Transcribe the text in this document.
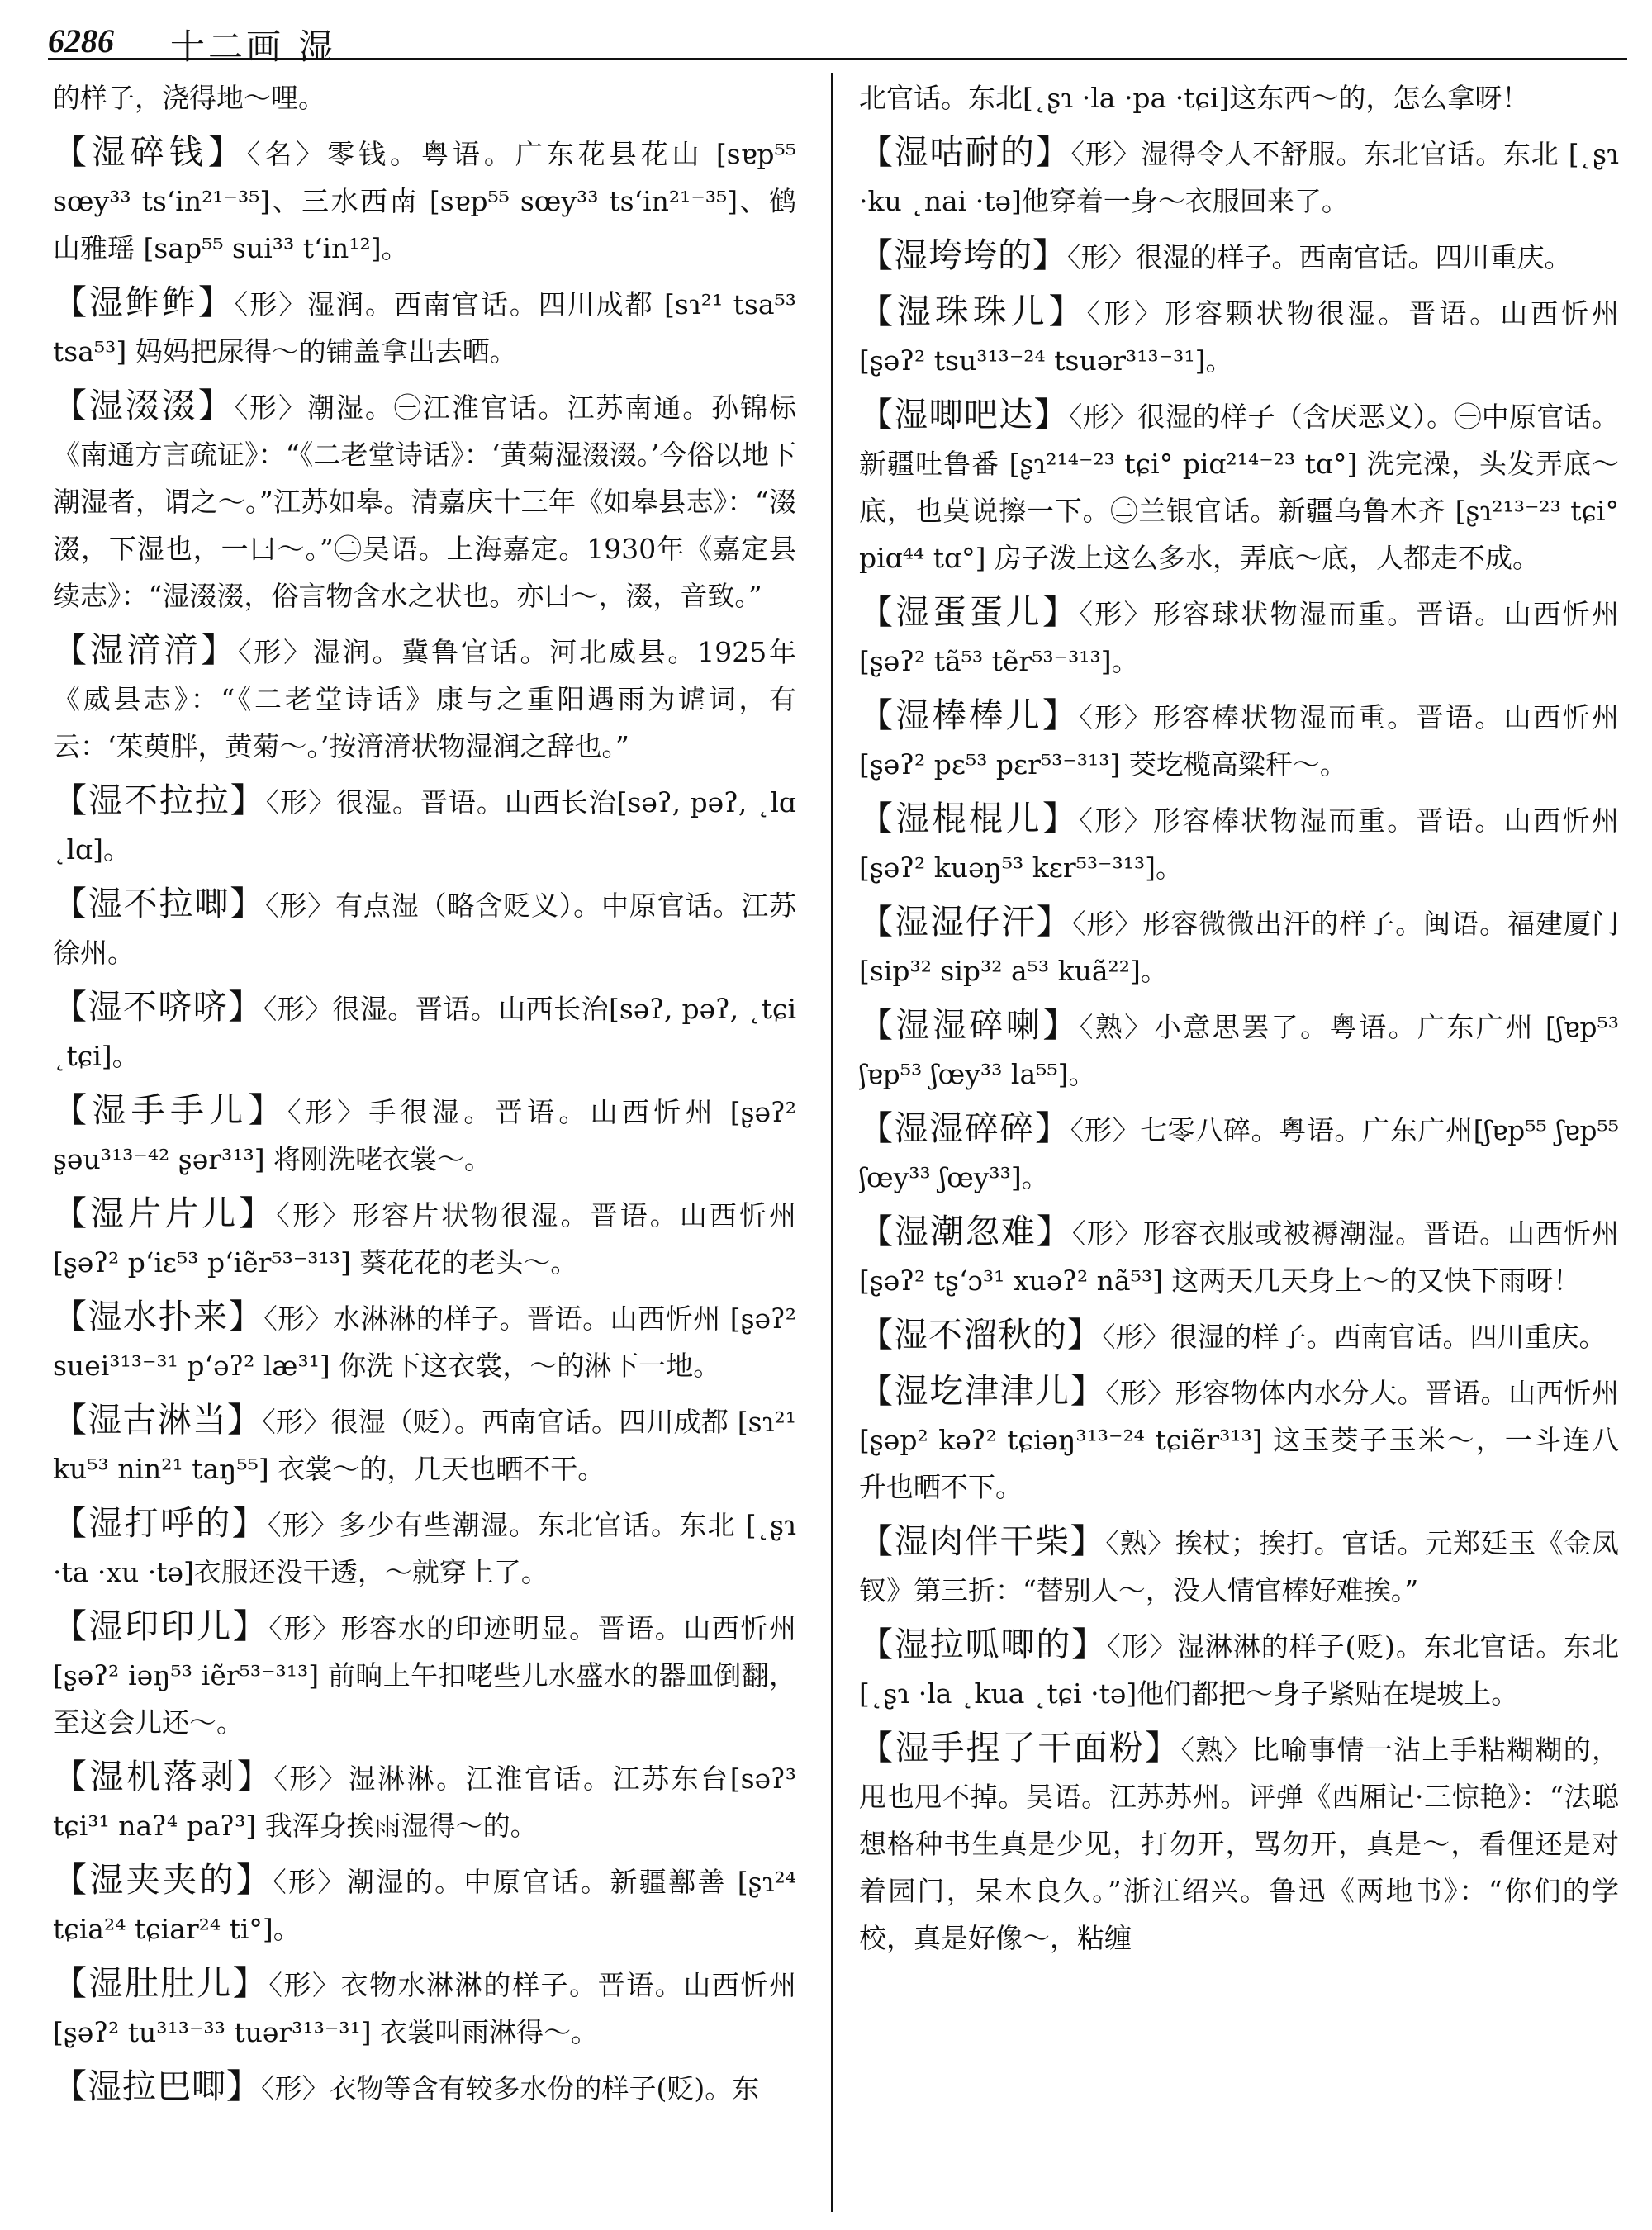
6286 十二画 湿

的样子，浇得地～哩。

【湿碎钱】〈名〉零钱。粤语。广东花县花山 [sɐp⁵⁵ sœy³³ tsʻin²¹⁻³⁵]、三水西南 [sɐp⁵⁵ sœy³³ tsʻin²¹⁻³⁵]、鹤山雅瑶 [sap⁵⁵ sui³³ tʻin¹²]。

【湿鲊鲊】〈形〉湿润。西南官话。四川成都 [sɿ²¹ tsa⁵³ tsa⁵³] 妈妈把尿得～的铺盖拿出去晒。

【湿涰涰】〈形〉潮湿。㊀江淮官话。江苏南通。孙锦标《南通方言疏证》：“《二老堂诗话》：‘黄菊湿涰涰。’今俗以地下潮湿者，谓之～。”江苏如皋。清嘉庆十三年《如皋县志》：“涰涰，下湿也，一曰～。”㊁吴语。上海嘉定。1930年《嘉定县续志》：“湿涰涰，俗言物含水之状也。亦曰～，涰，音致。”

【湿湇湇】〈形〉湿润。冀鲁官话。河北威县。1925年《威县志》：“《二老堂诗话》康与之重阳遇雨为谑词，有云：‘茱萸胖，黄菊～。’按湇湇状物湿润之辞也。”

【湿不拉拉】〈形〉很湿。晋语。山西长治[səʔ, pəʔ, ˛lɑ ˛lɑ]。

【湿不拉唧】〈形〉有点湿（略含贬义）。中原官话。江苏徐州。

【湿不哜哜】〈形〉很湿。晋语。山西长治[səʔ, pəʔ, ˛tɕi ˛tɕi]。

【湿手手儿】〈形〉手很湿。晋语。山西忻州 [ʂəʔ² ʂəu³¹³⁻⁴² ʂər³¹³] 将刚洗咾衣裳～。

【湿片片儿】〈形〉形容片状物很湿。晋语。山西忻州 [ʂəʔ² pʻiɛ⁵³ pʻiẽr⁵³⁻³¹³] 葵花花的老头～。

【湿水扑来】〈形〉水淋淋的样子。晋语。山西忻州 [ʂəʔ² suei³¹³⁻³¹ pʻəʔ² læ³¹] 你洗下这衣裳，～的淋下一地。

【湿古淋当】〈形〉很湿（贬）。西南官话。四川成都 [sɿ²¹ ku⁵³ nin²¹ taŋ⁵⁵] 衣裳～的，几天也晒不干。

【湿打呼的】〈形〉多少有些潮湿。东北官话。东北 [˛ʂɿ ·ta ·xu ·tə]衣服还没干透，～就穿上了。

【湿印印儿】〈形〉形容水的印迹明显。晋语。山西忻州 [ʂəʔ² iəŋ⁵³ iẽr⁵³⁻³¹³] 前晌上午扣咾些儿水盛水的器皿倒翻，至这会儿还～。

【湿机落剥】〈形〉湿淋淋。江淮官话。江苏东台[səʔ³ tɕi³¹ naʔ⁴ paʔ³] 我浑身挨雨湿得～的。

【湿夹夹的】〈形〉潮湿的。中原官话。新疆鄯善 [ʂɿ²⁴ tɕia²⁴ tɕiar²⁴ ti°]。

【湿肚肚儿】〈形〉衣物水淋淋的样子。晋语。山西忻州 [ʂəʔ² tu³¹³⁻³³ tuər³¹³⁻³¹] 衣裳叫雨淋得～。

【湿拉巴唧】〈形〉衣物等含有较多水份的样子(贬)。东

北官话。东北[˛ʂɿ ·la ·pa ·tɕi]这东西～的，怎么拿呀！

【湿咕耐的】〈形〉湿得令人不舒服。东北官话。东北 [˛ʂɿ ·ku ˛nai ·tə]他穿着一身～衣服回来了。

【湿垮垮的】〈形〉很湿的样子。西南官话。四川重庆。

【湿珠珠儿】〈形〉形容颗状物很湿。晋语。山西忻州 [ʂəʔ² tsu³¹³⁻²⁴ tsuər³¹³⁻³¹]。

【湿唧吧达】〈形〉很湿的样子（含厌恶义）。㊀中原官话。新疆吐鲁番 [ʂɿ²¹⁴⁻²³ tɕi° piɑ²¹⁴⁻²³ tɑ°] 洗完澡，头发弄底～底，也莫说擦一下。㊁兰银官话。新疆乌鲁木齐 [ʂɿ²¹³⁻²³ tɕi° piɑ⁴⁴ tɑ°] 房子泼上这么多水，弄底～底，人都走不成。

【湿蛋蛋儿】〈形〉形容球状物湿而重。晋语。山西忻州 [ʂəʔ² tã⁵³ tẽr⁵³⁻³¹³]。

【湿棒棒儿】〈形〉形容棒状物湿而重。晋语。山西忻州 [ʂəʔ² pɛ⁵³ pɛr⁵³⁻³¹³] 茭圪榄高粱秆～。

【湿棍棍儿】〈形〉形容棒状物湿而重。晋语。山西忻州 [ʂəʔ² kuəŋ⁵³ kɛr⁵³⁻³¹³]。

【湿湿仔汗】〈形〉形容微微出汗的样子。闽语。福建厦门 [sip³² sip³² a⁵³ kuã²²]。

【湿湿碎喇】〈熟〉小意思罢了。粤语。广东广州 [ʃɐp⁵³ ʃɐp⁵³ ʃœy³³ la⁵⁵]。

【湿湿碎碎】〈形〉七零八碎。粤语。广东广州[ʃɐp⁵⁵ ʃɐp⁵⁵ ʃœy³³ ʃœy³³]。

【湿潮忽难】〈形〉形容衣服或被褥潮湿。晋语。山西忻州 [ʂəʔ² tʂʻɔ³¹ xuəʔ² nã⁵³] 这两天几天身上～的又快下雨呀！

【湿不溜秋的】〈形〉很湿的样子。西南官话。四川重庆。

【湿圪津津儿】〈形〉形容物体内水分大。晋语。山西忻州 [ʂəp² kəʔ² tɕiəŋ³¹³⁻²⁴ tɕiẽr³¹³] 这玉茭子玉米～，一斗连八升也晒不下。

【湿肉伴干柴】〈熟〉挨杖；挨打。官话。元郑廷玉《金凤钗》第三折：“替别人～，没人情官棒好难挨。”

【湿拉呱唧的】〈形〉湿淋淋的样子(贬)。东北官话。东北[˛ʂɿ ·la ˛kua ˛tɕi ·tə]他们都把～身子紧贴在堤坡上。

【湿手捏了干面粉】〈熟〉比喻事情一沾上手粘糊糊的，甩也甩不掉。吴语。江苏苏州。评弹《西厢记·三惊艳》：“法聪想格种书生真是少见，打勿开，骂勿开，真是～，看俚还是对着园门，呆木良久。”浙江绍兴。鲁迅《两地书》：“你们的学校，真是好像～，粘缠
